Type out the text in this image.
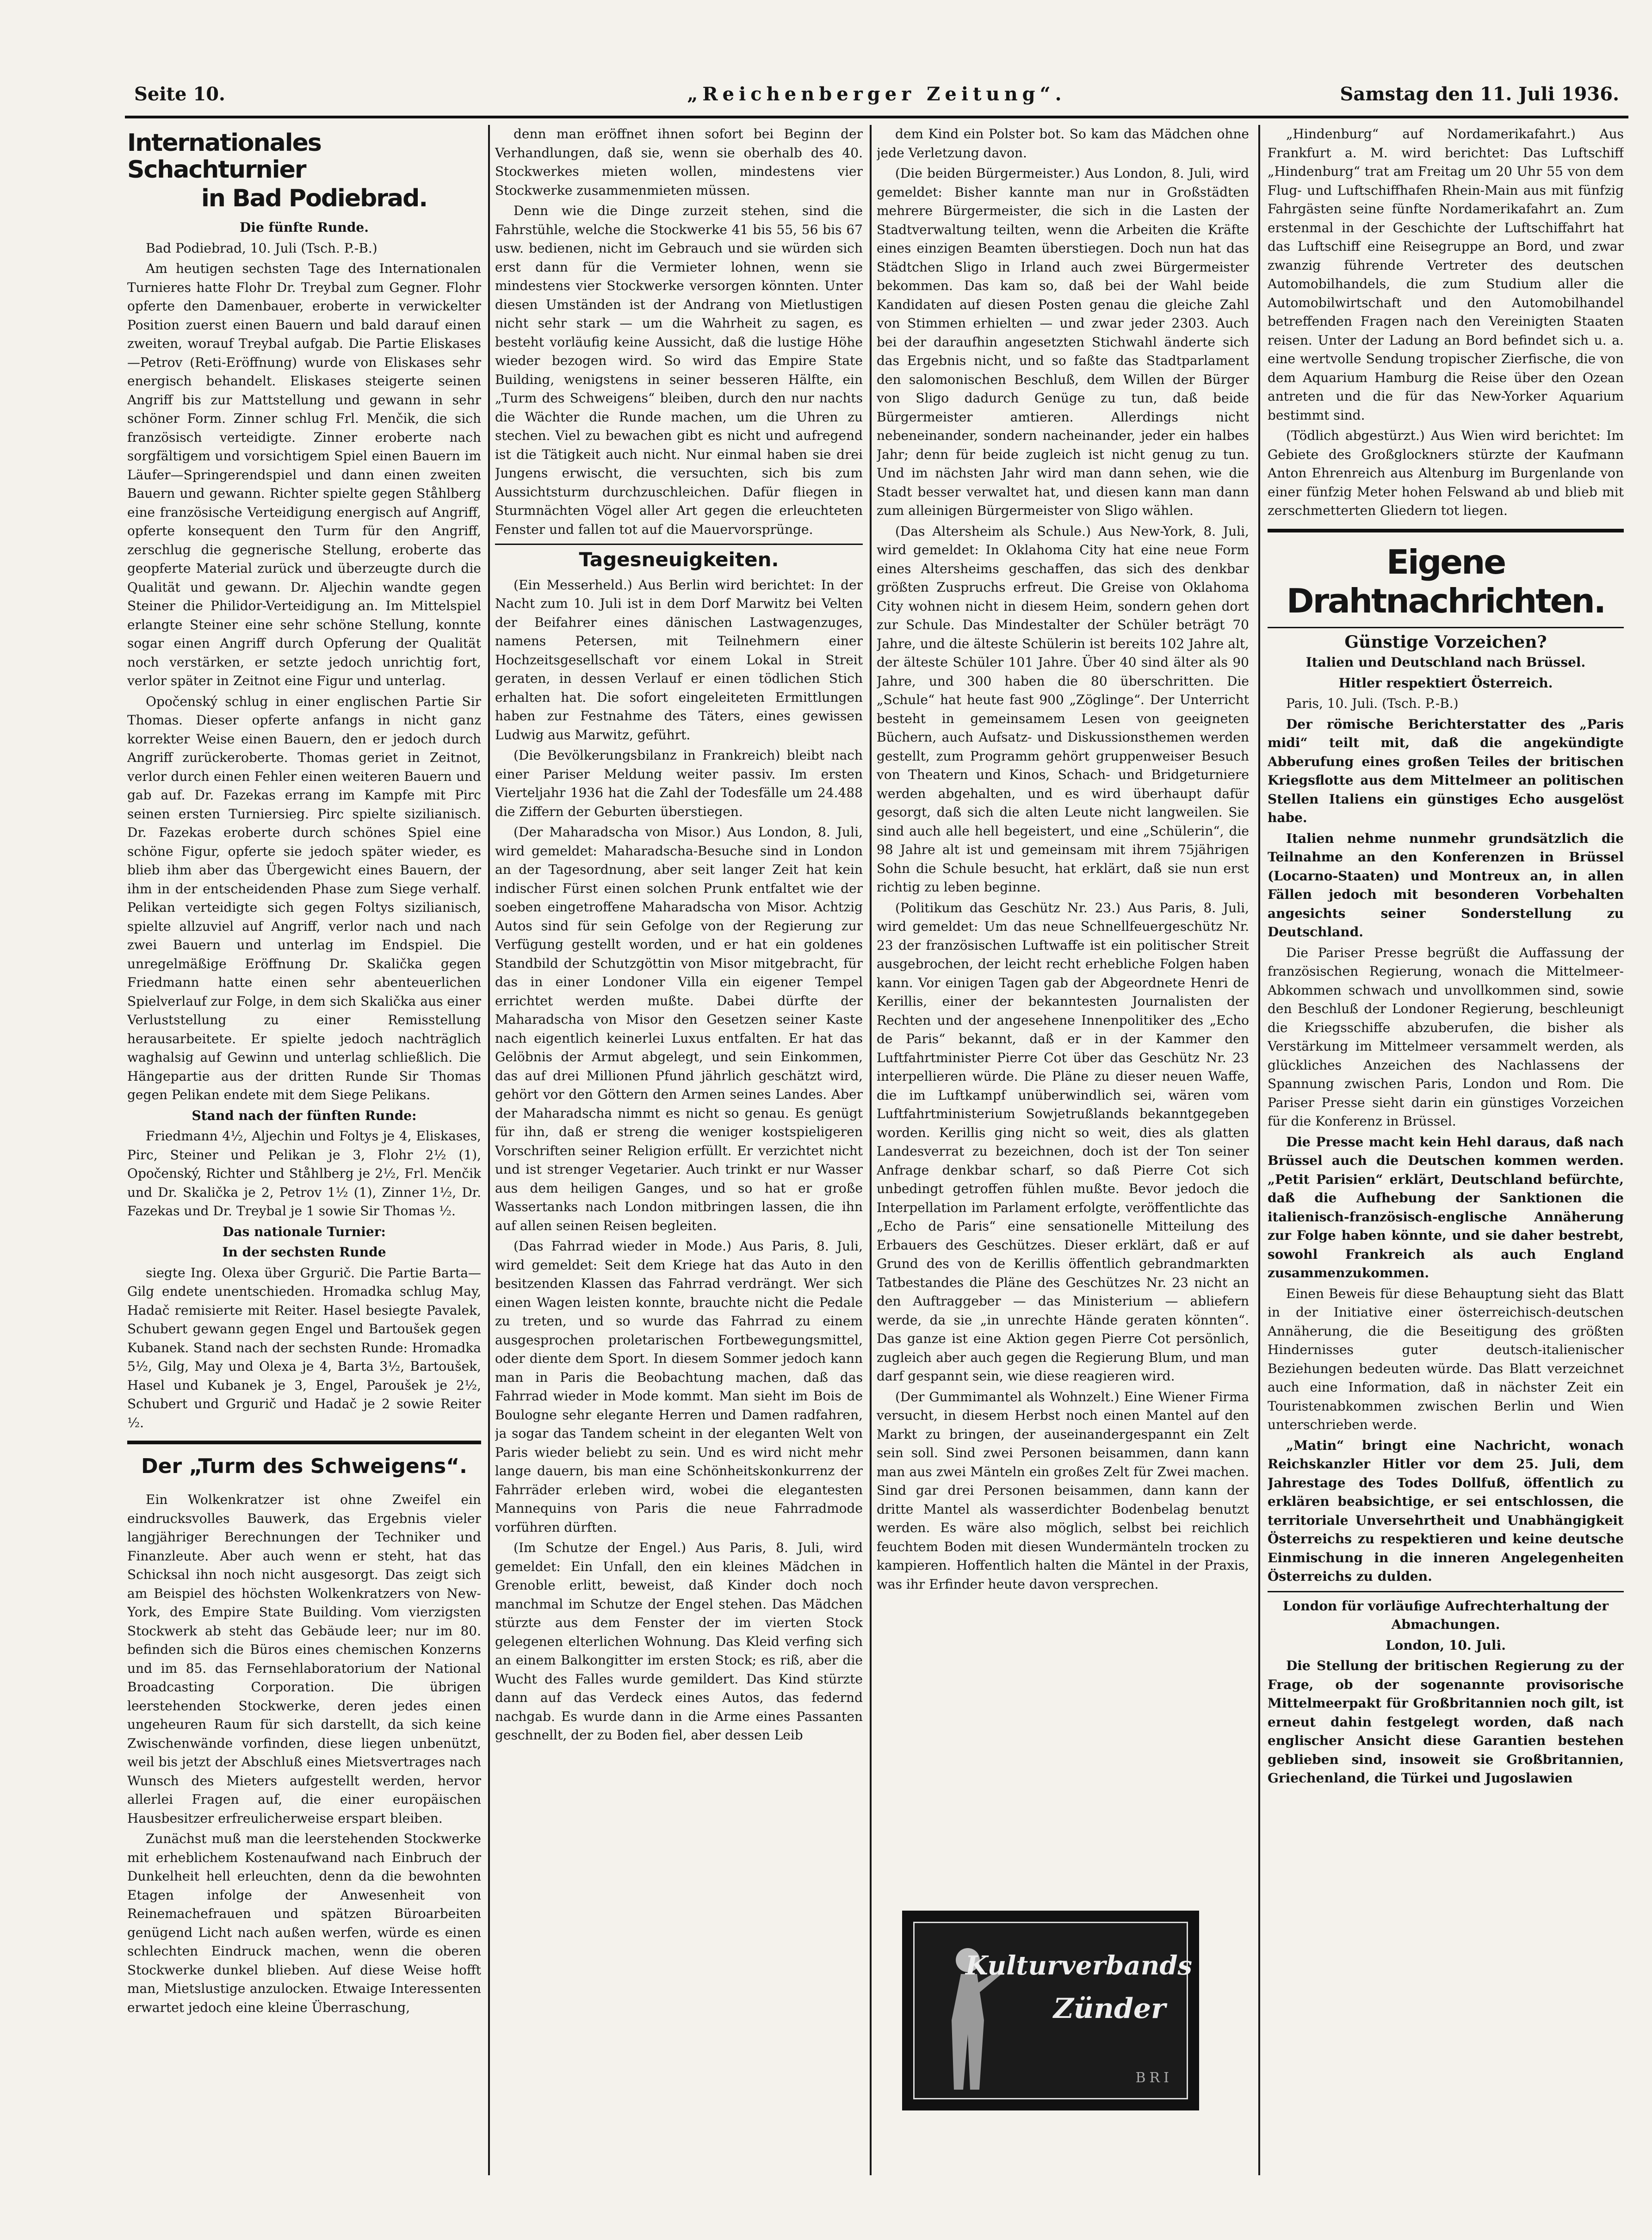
Seite 10.	„Reichenberger Zeitung“.	Samstag den 11. Juli 1936.
Internationales Schachturnier
in Bad Podiebrad.

Die fünfte Runde.

Bad Podiebrad, 10. Juli (Tsch. P.-B.)

Am heutigen sechsten Tage des Internationalen Turnieres hatte Flohr Dr. Treybal zum Gegner. Flohr opferte den Damenbauer, eroberte in verwickelter Position zuerst einen Bauern und bald darauf einen zweiten, worauf Treybal aufgab. Die Partie Eliskases—Petrov (Reti-Eröffnung) wurde von Eliskases sehr energisch behandelt. Eliskases steigerte seinen Angriff bis zur Mattstellung und gewann in sehr schöner Form. Zinner schlug Frl. Menčik, die sich französisch verteidigte. Zinner eroberte nach sorgfältigem und vorsichtigem Spiel einen Bauern im Läufer—Springerendspiel und dann einen zweiten Bauern und gewann. Richter spielte gegen Ståhlberg eine französische Verteidigung energisch auf Angriff, opferte konsequent den Turm für den Angriff, zerschlug die gegnerische Stellung, eroberte das geopferte Material zurück und überzeugte durch die Qualität und gewann. Dr. Aljechin wandte gegen Steiner die Philidor-Verteidigung an. Im Mittelspiel erlangte Steiner eine sehr schöne Stellung, konnte sogar einen Angriff durch Opferung der Qualität noch verstärken, er setzte jedoch unrichtig fort, verlor später in Zeitnot eine Figur und unterlag.

Opočenský schlug in einer englischen Partie Sir Thomas. Dieser opferte anfangs in nicht ganz korrekter Weise einen Bauern, den er jedoch durch Angriff zurückeroberte. Thomas geriet in Zeitnot, verlor durch einen Fehler einen weiteren Bauern und gab auf. Dr. Fazekas errang im Kampfe mit Pirc seinen ersten Turniersieg. Pirc spielte sizilianisch. Dr. Fazekas eroberte durch schönes Spiel eine schöne Figur, opferte sie jedoch später wieder, es blieb ihm aber das Übergewicht eines Bauern, der ihm in der entscheidenden Phase zum Siege verhalf. Pelikan verteidigte sich gegen Foltys sizilianisch, spielte allzuviel auf Angriff, verlor nach und nach zwei Bauern und unterlag im Endspiel. Die unregelmäßige Eröffnung Dr. Skalička gegen Friedmann hatte einen sehr abenteuerlichen Spielverlauf zur Folge, in dem sich Skalička aus einer Verluststellung zu einer Remisstellung herausarbeitete. Er spielte jedoch nachträglich waghalsig auf Gewinn und unterlag schließlich. Die Hängepartie aus der dritten Runde Sir Thomas gegen Pelikan endete mit dem Siege Pelikans.

Stand nach der fünften Runde:

Friedmann 4½, Aljechin und Foltys je 4, Eliskases, Pirc, Steiner und Pelikan je 3, Flohr 2½ (1), Opočenský, Richter und Ståhlberg je 2½, Frl. Menčik und Dr. Skalička je 2, Petrov 1½ (1), Zinner 1½, Dr. Fazekas und Dr. Treybal je 1 sowie Sir Thomas ½.

Das nationale Turnier:

In der sechsten Runde

siegte Ing. Olexa über Grgurič. Die Partie Barta—Gilg endete unentschieden. Hromadka schlug May, Hadač remisierte mit Reiter. Hasel besiegte Pavalek, Schubert gewann gegen Engel und Bartoušek gegen Kubanek. Stand nach der sechsten Runde: Hromadka 5½, Gilg, May und Olexa je 4, Barta 3½, Bartoušek, Hasel und Kubanek je 3, Engel, Paroušek je 2½, Schubert und Grgurič und Hadač je 2 sowie Reiter ½.

Der „Turm des Schweigens“.

Ein Wolkenkratzer ist ohne Zweifel ein eindrucksvolles Bauwerk, das Ergebnis vieler langjähriger Berechnungen der Techniker und Finanzleute. Aber auch wenn er steht, hat das Schicksal ihn noch nicht ausgesorgt. Das zeigt sich am Beispiel des höchsten Wolkenkratzers von New-York, des Empire State Building. Vom vierzigsten Stockwerk ab steht das Gebäude leer; nur im 80. befinden sich die Büros eines chemischen Konzerns und im 85. das Fernsehlaboratorium der National Broadcasting Corporation. Die übrigen leerstehenden Stockwerke, deren jedes einen ungeheuren Raum für sich darstellt, da sich keine Zwischenwände vorfinden, diese liegen unbenützt, weil bis jetzt der Abschluß eines Mietsvertrages nach Wunsch des Mieters aufgestellt werden, hervor allerlei Fragen auf, die einer europäischen Hausbesitzer erfreulicherweise erspart bleiben.

Zunächst muß man die leerstehenden Stockwerke mit erheblichem Kostenaufwand nach Einbruch der Dunkelheit hell erleuchten, denn da die bewohnten Etagen infolge der Anwesenheit von Reinemachefrauen und spätzen Büroarbeiten genügend Licht nach außen werfen, würde es einen schlechten Eindruck machen, wenn die oberen Stockwerke dunkel blieben. Auf diese Weise hofft man, Mietslustige anzulocken. Etwaige Interessenten erwartet jedoch eine kleine Überraschung,

denn man eröffnet ihnen sofort bei Beginn der Verhandlungen, daß sie, wenn sie oberhalb des 40. Stockwerkes mieten wollen, mindestens vier Stockwerke zusammenmieten müssen.

Denn wie die Dinge zurzeit stehen, sind die Fahrstühle, welche die Stockwerke 41 bis 55, 56 bis 67 usw. bedienen, nicht im Gebrauch und sie würden sich erst dann für die Vermieter lohnen, wenn sie mindestens vier Stockwerke versorgen könnten. Unter diesen Umständen ist der Andrang von Mietlustigen nicht sehr stark — um die Wahrheit zu sagen, es besteht vorläufig keine Aussicht, daß die lustige Höhe wieder bezogen wird. So wird das Empire State Building, wenigstens in seiner besseren Hälfte, ein „Turm des Schweigens“ bleiben, durch den nur nachts die Wächter die Runde machen, um die Uhren zu stechen. Viel zu bewachen gibt es nicht und aufregend ist die Tätigkeit auch nicht. Nur einmal haben sie drei Jungens erwischt, die versuchten, sich bis zum Aussichtsturm durchzuschleichen. Dafür fliegen in Sturmnächten Vögel aller Art gegen die erleuchteten Fenster und fallen tot auf die Mauervorsprünge.

Tagesneuigkeiten.

(Ein Messerheld.) Aus Berlin wird berichtet: In der Nacht zum 10. Juli ist in dem Dorf Marwitz bei Velten der Beifahrer eines dänischen Lastwagenzuges, namens Petersen, mit Teilnehmern einer Hochzeitsgesellschaft vor einem Lokal in Streit geraten, in dessen Verlauf er einen tödlichen Stich erhalten hat. Die sofort eingeleiteten Ermittlungen haben zur Festnahme des Täters, eines gewissen Ludwig aus Marwitz, geführt.

(Die Bevölkerungsbilanz in Frankreich) bleibt nach einer Pariser Meldung weiter passiv. Im ersten Vierteljahr 1936 hat die Zahl der Todesfälle um 24.488 die Ziffern der Geburten überstiegen.

(Der Maharadscha von Misor.) Aus London, 8. Juli, wird gemeldet: Maharadscha-Besuche sind in London an der Tagesordnung, aber seit langer Zeit hat kein indischer Fürst einen solchen Prunk entfaltet wie der soeben eingetroffene Maharadscha von Misor. Achtzig Autos sind für sein Gefolge von der Regierung zur Verfügung gestellt worden, und er hat ein goldenes Standbild der Schutzgöttin von Misor mitgebracht, für das in einer Londoner Villa ein eigener Tempel errichtet werden mußte. Dabei dürfte der Maharadscha von Misor den Gesetzen seiner Kaste nach eigentlich keinerlei Luxus entfalten. Er hat das Gelöbnis der Armut abgelegt, und sein Einkommen, das auf drei Millionen Pfund jährlich geschätzt wird, gehört vor den Göttern den Armen seines Landes. Aber der Maharadscha nimmt es nicht so genau. Es genügt für ihn, daß er streng die weniger kostspieligeren Vorschriften seiner Religion erfüllt. Er verzichtet nicht und ist strenger Vegetarier. Auch trinkt er nur Wasser aus dem heiligen Ganges, und so hat er große Wassertanks nach London mitbringen lassen, die ihn auf allen seinen Reisen begleiten.

(Das Fahrrad wieder in Mode.) Aus Paris, 8. Juli, wird gemeldet: Seit dem Kriege hat das Auto in den besitzenden Klassen das Fahrrad verdrängt. Wer sich einen Wagen leisten konnte, brauchte nicht die Pedale zu treten, und so wurde das Fahrrad zu einem ausgesprochen proletarischen Fortbewegungsmittel, oder diente dem Sport. In diesem Sommer jedoch kann man in Paris die Beobachtung machen, daß das Fahrrad wieder in Mode kommt. Man sieht im Bois de Boulogne sehr elegante Herren und Damen radfahren, ja sogar das Tandem scheint in der eleganten Welt von Paris wieder beliebt zu sein. Und es wird nicht mehr lange dauern, bis man eine Schönheitskonkurrenz der Fahrräder erleben wird, wobei die elegantesten Mannequins von Paris die neue Fahrradmode vorführen dürften.

(Im Schutze der Engel.) Aus Paris, 8. Juli, wird gemeldet: Ein Unfall, den ein kleines Mädchen in Grenoble erlitt, beweist, daß Kinder doch noch manchmal im Schutze der Engel stehen. Das Mädchen stürzte aus dem Fenster der im vierten Stock gelegenen elterlichen Wohnung. Das Kleid verfing sich an einem Balkongitter im ersten Stock; es riß, aber die Wucht des Falles wurde gemildert. Das Kind stürzte dann auf das Verdeck eines Autos, das federnd nachgab. Es wurde dann in die Arme eines Passanten geschnellt, der zu Boden fiel, aber dessen Leib

dem Kind ein Polster bot. So kam das Mädchen ohne jede Verletzung davon.

(Die beiden Bürgermeister.) Aus London, 8. Juli, wird gemeldet: Bisher kannte man nur in Großstädten mehrere Bürgermeister, die sich in die Lasten der Stadtverwaltung teilten, wenn die Arbeiten die Kräfte eines einzigen Beamten überstiegen. Doch nun hat das Städtchen Sligo in Irland auch zwei Bürgermeister bekommen. Das kam so, daß bei der Wahl beide Kandidaten auf diesen Posten genau die gleiche Zahl von Stimmen erhielten — und zwar jeder 2303. Auch bei der daraufhin angesetzten Stichwahl änderte sich das Ergebnis nicht, und so faßte das Stadtparlament den salomonischen Beschluß, dem Willen der Bürger von Sligo dadurch Genüge zu tun, daß beide Bürgermeister amtieren. Allerdings nicht nebeneinander, sondern nacheinander, jeder ein halbes Jahr; denn für beide zugleich ist nicht genug zu tun. Und im nächsten Jahr wird man dann sehen, wie die Stadt besser verwaltet hat, und diesen kann man dann zum alleinigen Bürgermeister von Sligo wählen.

(Das Altersheim als Schule.) Aus New-York, 8. Juli, wird gemeldet: In Oklahoma City hat eine neue Form eines Altersheims geschaffen, das sich des denkbar größten Zuspruchs erfreut. Die Greise von Oklahoma City wohnen nicht in diesem Heim, sondern gehen dort zur Schule. Das Mindestalter der Schüler beträgt 70 Jahre, und die älteste Schülerin ist bereits 102 Jahre alt, der älteste Schüler 101 Jahre. Über 40 sind älter als 90 Jahre, und 300 haben die 80 überschritten. Die „Schule“ hat heute fast 900 „Zöglinge“. Der Unterricht besteht in gemeinsamem Lesen von geeigneten Büchern, auch Aufsatz- und Diskussionsthemen werden gestellt, zum Programm gehört gruppenweiser Besuch von Theatern und Kinos, Schach- und Bridgeturniere werden abgehalten, und es wird überhaupt dafür gesorgt, daß sich die alten Leute nicht langweilen. Sie sind auch alle hell begeistert, und eine „Schülerin“, die 98 Jahre alt ist und gemeinsam mit ihrem 75jährigen Sohn die Schule besucht, hat erklärt, daß sie nun erst richtig zu leben beginne.

(Politikum das Geschütz Nr. 23.) Aus Paris, 8. Juli, wird gemeldet: Um das neue Schnellfeuergeschütz Nr. 23 der französischen Luftwaffe ist ein politischer Streit ausgebrochen, der leicht recht erhebliche Folgen haben kann. Vor einigen Tagen gab der Abgeordnete Henri de Kerillis, einer der bekanntesten Journalisten der Rechten und der angesehene Innenpolitiker des „Echo de Paris“ bekannt, daß er in der Kammer den Luftfahrtminister Pierre Cot über das Geschütz Nr. 23 interpellieren würde. Die Pläne zu dieser neuen Waffe, die im Luftkampf unüberwindlich sei, wären vom Luftfahrtministerium Sowjetrußlands bekanntgegeben worden. Kerillis ging nicht so weit, dies als glatten Landesverrat zu bezeichnen, doch ist der Ton seiner Anfrage denkbar scharf, so daß Pierre Cot sich unbedingt getroffen fühlen mußte. Bevor jedoch die Interpellation im Parlament erfolgte, veröffentlichte das „Echo de Paris“ eine sensationelle Mitteilung des Erbauers des Geschützes. Dieser erklärt, daß er auf Grund des von de Kerillis öffentlich gebrandmarkten Tatbestandes die Pläne des Geschützes Nr. 23 nicht an den Auftraggeber — das Ministerium — abliefern werde, da sie „in unrechte Hände geraten könnten“. Das ganze ist eine Aktion gegen Pierre Cot persönlich, zugleich aber auch gegen die Regierung Blum, und man darf gespannt sein, wie diese reagieren wird.

(Der Gummimantel als Wohnzelt.) Eine Wiener Firma versucht, in diesem Herbst noch einen Mantel auf den Markt zu bringen, der auseinandergespannt ein Zelt sein soll. Sind zwei Personen beisammen, dann kann man aus zwei Mänteln ein großes Zelt für Zwei machen. Sind gar drei Personen beisammen, dann kann der dritte Mantel als wasserdichter Bodenbelag benutzt werden. Es wäre also möglich, selbst bei reichlich feuchtem Boden mit diesen Wundermänteln trocken zu kampieren. Hoffentlich halten die Mäntel in der Praxis, was ihr Erfinder heute davon versprechen.

Kulturverbands
Zünder
BRI

„Hindenburg“ auf Nordamerikafahrt.) Aus Frankfurt a. M. wird berichtet: Das Luftschiff „Hindenburg“ trat am Freitag um 20 Uhr 55 von dem Flug- und Luftschiffhafen Rhein-Main aus mit fünfzig Fahrgästen seine fünfte Nordamerikafahrt an. Zum erstenmal in der Geschichte der Luftschiffahrt hat das Luftschiff eine Reisegruppe an Bord, und zwar zwanzig führende Vertreter des deutschen Automobilhandels, die zum Studium aller die Automobilwirtschaft und den Automobilhandel betreffenden Fragen nach den Vereinigten Staaten reisen. Unter der Ladung an Bord befindet sich u. a. eine wertvolle Sendung tropischer Zierfische, die von dem Aquarium Hamburg die Reise über den Ozean antreten und die für das New-Yorker Aquarium bestimmt sind.

(Tödlich abgestürzt.) Aus Wien wird berichtet: Im Gebiete des Großglockners stürzte der Kaufmann Anton Ehrenreich aus Altenburg im Burgenlande von einer fünfzig Meter hohen Felswand ab und blieb mit zerschmetterten Gliedern tot liegen.

Eigene Drahtnachrichten.

Günstige Vorzeichen?

Italien und Deutschland nach Brüssel.

Hitler respektiert Österreich.

Paris, 10. Juli. (Tsch. P.-B.)

Der römische Berichterstatter des „Paris midi“ teilt mit, daß die angekündigte Abberufung eines großen Teiles der britischen Kriegsflotte aus dem Mittelmeer an politischen Stellen Italiens ein günstiges Echo ausgelöst habe.

Italien nehme nunmehr grundsätzlich die Teilnahme an den Konferenzen in Brüssel (Locarno-Staaten) und Montreux an, in allen Fällen jedoch mit besonderen Vorbehalten angesichts seiner Sonderstellung zu Deutschland.

Die Pariser Presse begrüßt die Auffassung der französischen Regierung, wonach die Mittelmeer-Abkommen schwach und unvollkommen sind, sowie den Beschluß der Londoner Regierung, beschleunigt die Kriegsschiffe abzuberufen, die bisher als Verstärkung im Mittelmeer versammelt werden, als glückliches Anzeichen des Nachlassens der Spannung zwischen Paris, London und Rom. Die Pariser Presse sieht darin ein günstiges Vorzeichen für die Konferenz in Brüssel.

Die Presse macht kein Hehl daraus, daß nach Brüssel auch die Deutschen kommen werden. „Petit Parisien“ erklärt, Deutschland befürchte, daß die Aufhebung der Sanktionen die italienisch-französisch-englische Annäherung zur Folge haben könnte, und sie daher bestrebt, sowohl Frankreich als auch England zusammenzukommen.

Einen Beweis für diese Behauptung sieht das Blatt in der Initiative einer österreichisch-deutschen Annäherung, die die Beseitigung des größten Hindernisses guter deutsch-italienischer Beziehungen bedeuten würde. Das Blatt verzeichnet auch eine Information, daß in nächster Zeit ein Touristenabkommen zwischen Berlin und Wien unterschrieben werde.

„Matin“ bringt eine Nachricht, wonach Reichskanzler Hitler vor dem 25. Juli, dem Jahrestage des Todes Dollfuß, öffentlich zu erklären beabsichtige, er sei entschlossen, die territoriale Unversehrtheit und Unabhängigkeit Österreichs zu respektieren und keine deutsche Einmischung in die inneren Angelegenheiten Österreichs zu dulden.

London für vorläufige Aufrechterhaltung der Abmachungen.

London, 10. Juli.

Die Stellung der britischen Regierung zu der Frage, ob der sogenannte provisorische Mittelmeerpakt für Großbritannien noch gilt, ist erneut dahin festgelegt worden, daß nach englischer Ansicht diese Garantien bestehen geblieben sind, insoweit sie Großbritannien, Griechenland, die Türkei und Jugoslawien
